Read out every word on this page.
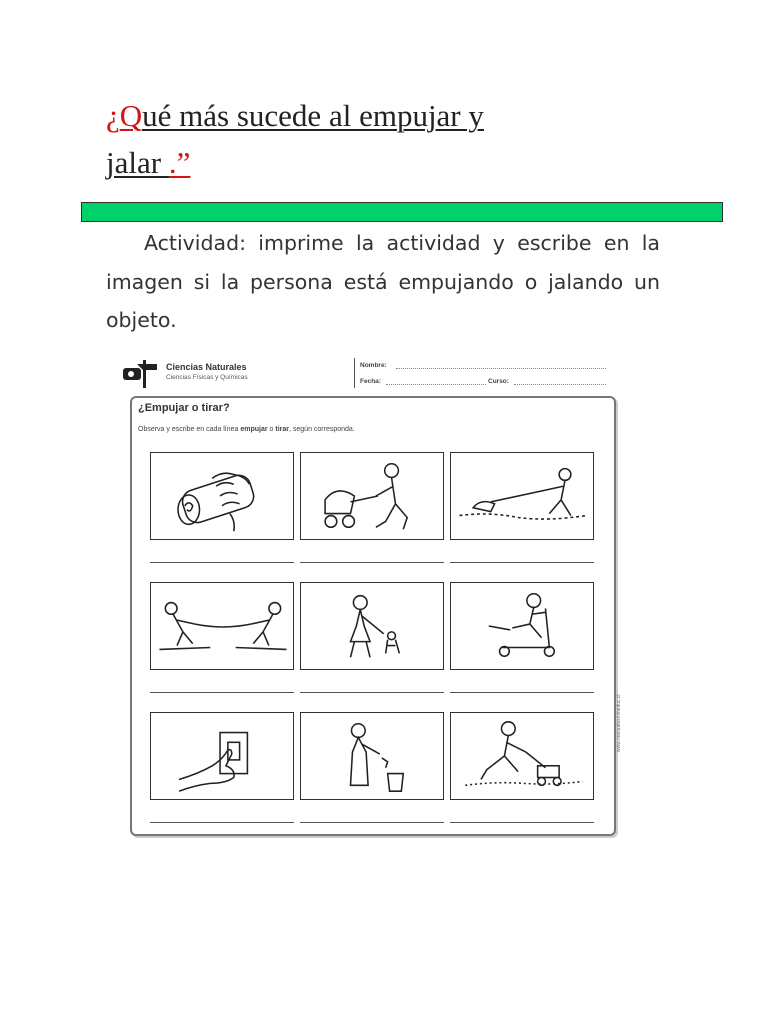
¿Qué más sucede al empujar y
jalar .”

Actividad: imprime la actividad y escribe en la imagen si la persona está empujando o jalando un objeto.

Ciencias Naturales
Ciencias Físicas y Químicas
Nombre:
Fecha:	Curso:
¿Empujar o tirar?
Observa y escribe en cada línea empujar o tirar, según corresponda.
www.manualesmineduc.cl
